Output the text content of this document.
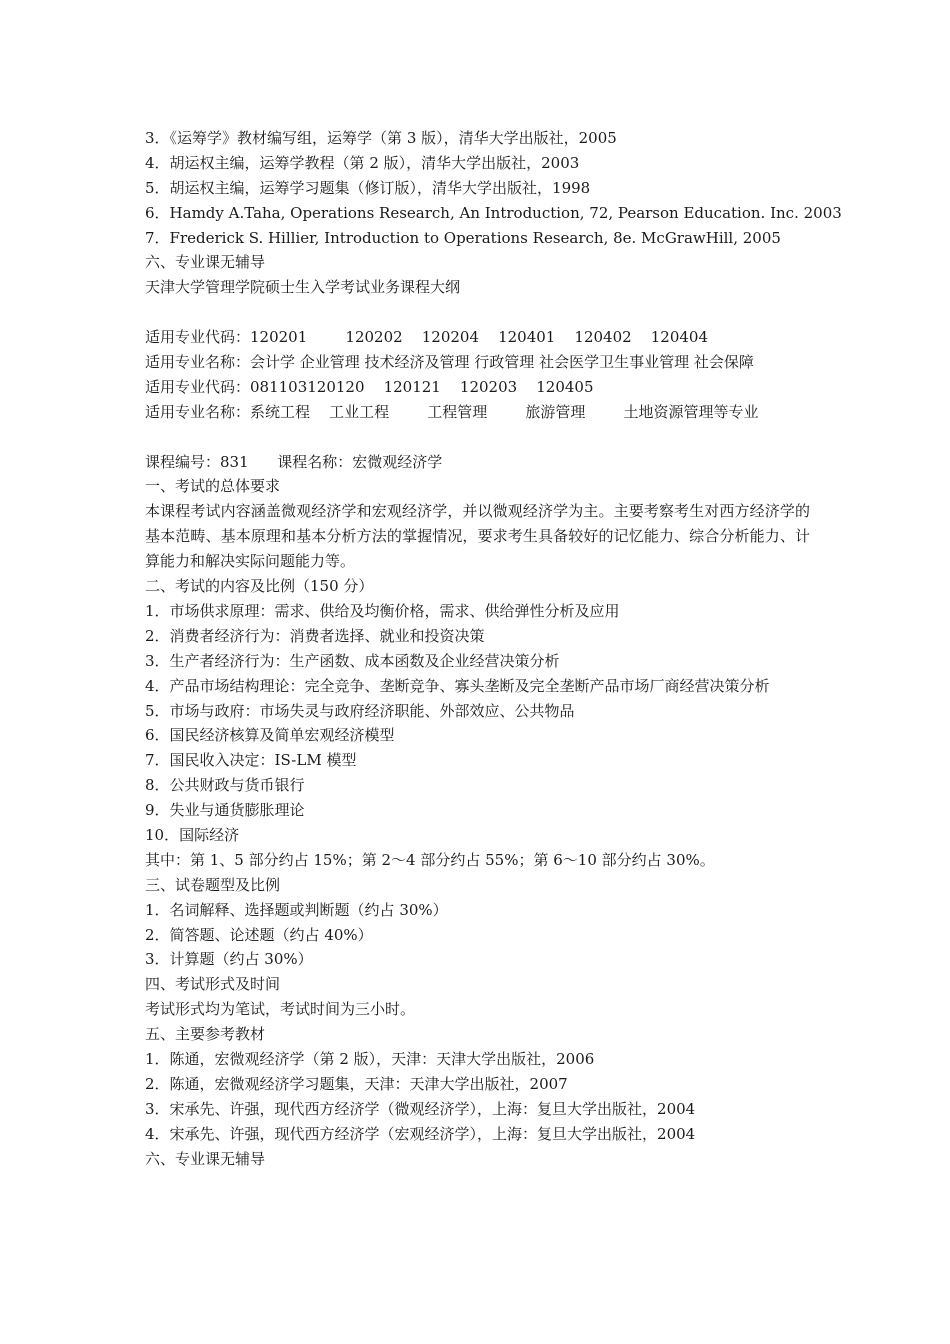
3．《运筹学》教材编写组，运筹学（第 3 版），清华大学出版社，2005
4．胡运权主编，运筹学教程（第 2 版），清华大学出版社，2003
5．胡运权主编，运筹学习题集（修订版），清华大学出版社，1998
6．Hamdy A.Taha, Operations Research, An Introduction, 72, Pearson Education. Inc. 2003
7．Frederick S. Hillier, Introduction to Operations Research, 8e. McGrawHill, 2005
六、专业课无辅导
天津大学管理学院硕士生入学考试业务课程大纲
适用专业代码：120201        120202    120204    120401    120402    120404
适用专业名称：会计学 企业管理 技术经济及管理 行政管理 社会医学卫生事业管理 社会保障
适用专业代码：081103120120    120121    120203    120405
适用专业名称：系统工程    工业工程        工程管理        旅游管理        土地资源管理等专业
课程编号：831      课程名称：宏微观经济学
一、考试的总体要求
本课程考试内容涵盖微观经济学和宏观经济学，并以微观经济学为主。主要考察考生对西方经济学的基本范畴、基本原理和基本分析方法的掌握情况，要求考生具备较好的记忆能力、综合分析能力、计算能力和解决实际问题能力等。
二、考试的内容及比例（150 分）
1．市场供求原理：需求、供给及均衡价格，需求、供给弹性分析及应用
2．消费者经济行为：消费者选择、就业和投资决策
3．生产者经济行为：生产函数、成本函数及企业经营决策分析
4．产品市场结构理论：完全竞争、垄断竞争、寡头垄断及完全垄断产品市场厂商经营决策分析
5．市场与政府：市场失灵与政府经济职能、外部效应、公共物品
6．国民经济核算及简单宏观经济模型
7．国民收入决定：IS-LM 模型
8．公共财政与货币银行
9．失业与通货膨胀理论
10．国际经济
其中：第 1、5 部分约占 15%；第 2～4 部分约占 55%；第 6～10 部分约占 30%。
三、试卷题型及比例
1．名词解释、选择题或判断题（约占 30%）
2．简答题、论述题（约占 40%）
3．计算题（约占 30%）
四、考试形式及时间
考试形式均为笔试，考试时间为三小时。
五、主要参考教材
1．陈通，宏微观经济学（第 2 版），天津：天津大学出版社，2006
2．陈通，宏微观经济学习题集，天津：天津大学出版社，2007
3．宋承先、许强，现代西方经济学（微观经济学），上海：复旦大学出版社，2004
4．宋承先、许强，现代西方经济学（宏观经济学），上海：复旦大学出版社，2004
六、专业课无辅导
